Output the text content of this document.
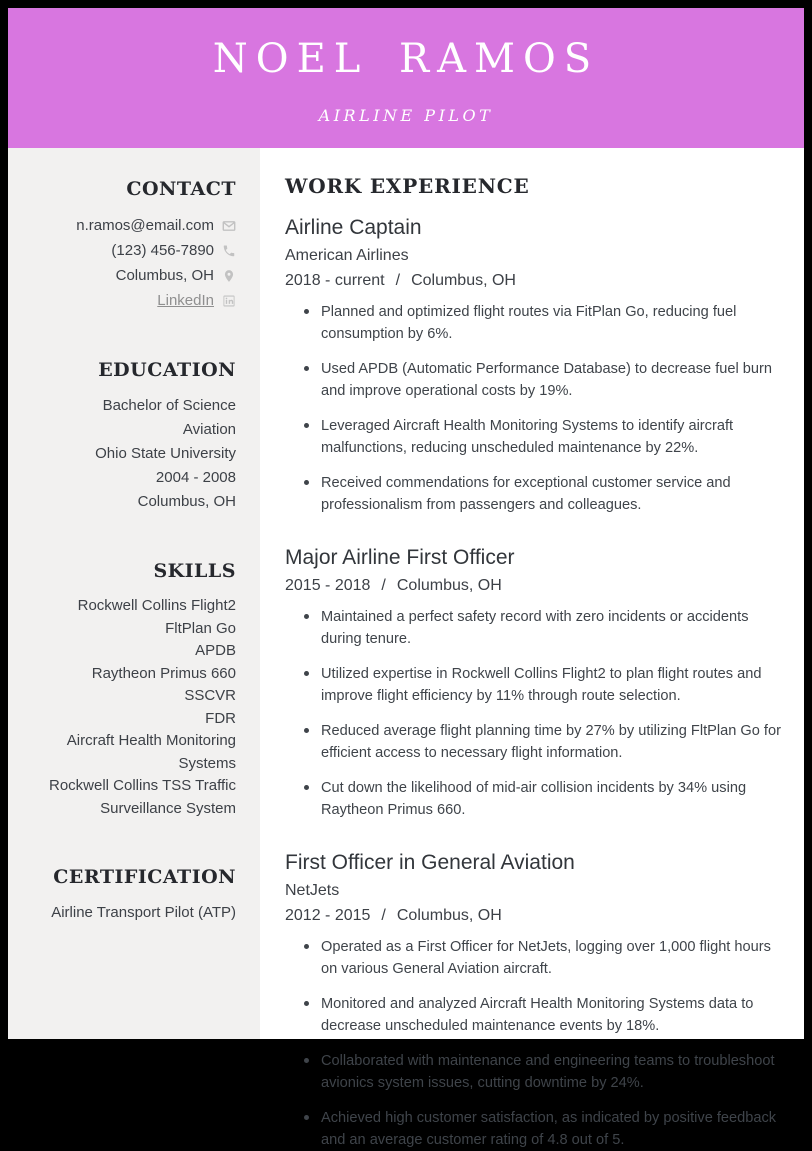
NOEL RAMOS
AIRLINE PILOT
CONTACT
n.ramos@email.com
(123) 456-7890
Columbus, OH
LinkedIn
EDUCATION
Bachelor of Science
Aviation
Ohio State University
2004 - 2008
Columbus, OH
SKILLS
Rockwell Collins Flight2
FltPlan Go
APDB
Raytheon Primus 660
SSCVR
FDR
Aircraft Health Monitoring Systems
Rockwell Collins TSS Traffic Surveillance System
CERTIFICATION
Airline Transport Pilot (ATP)
WORK EXPERIENCE
Airline Captain
American Airlines
2018 - current / Columbus, OH
Planned and optimized flight routes via FitPlan Go, reducing fuel consumption by 6%.
Used APDB (Automatic Performance Database) to decrease fuel burn and improve operational costs by 19%.
Leveraged Aircraft Health Monitoring Systems to identify aircraft malfunctions, reducing unscheduled maintenance by 22%.
Received commendations for exceptional customer service and professionalism from passengers and colleagues.
Major Airline First Officer
2015 - 2018 / Columbus, OH
Maintained a perfect safety record with zero incidents or accidents during tenure.
Utilized expertise in Rockwell Collins Flight2 to plan flight routes and improve flight efficiency by 11% through route selection.
Reduced average flight planning time by 27% by utilizing FltPlan Go for efficient access to necessary flight information.
Cut down the likelihood of mid-air collision incidents by 34% using Raytheon Primus 660.
First Officer in General Aviation
NetJets
2012 - 2015 / Columbus, OH
Operated as a First Officer for NetJets, logging over 1,000 flight hours on various General Aviation aircraft.
Monitored and analyzed Aircraft Health Monitoring Systems data to decrease unscheduled maintenance events by 18%.
Collaborated with maintenance and engineering teams to troubleshoot avionics system issues, cutting downtime by 24%.
Achieved high customer satisfaction, as indicated by positive feedback and an average customer rating of 4.8 out of 5.
